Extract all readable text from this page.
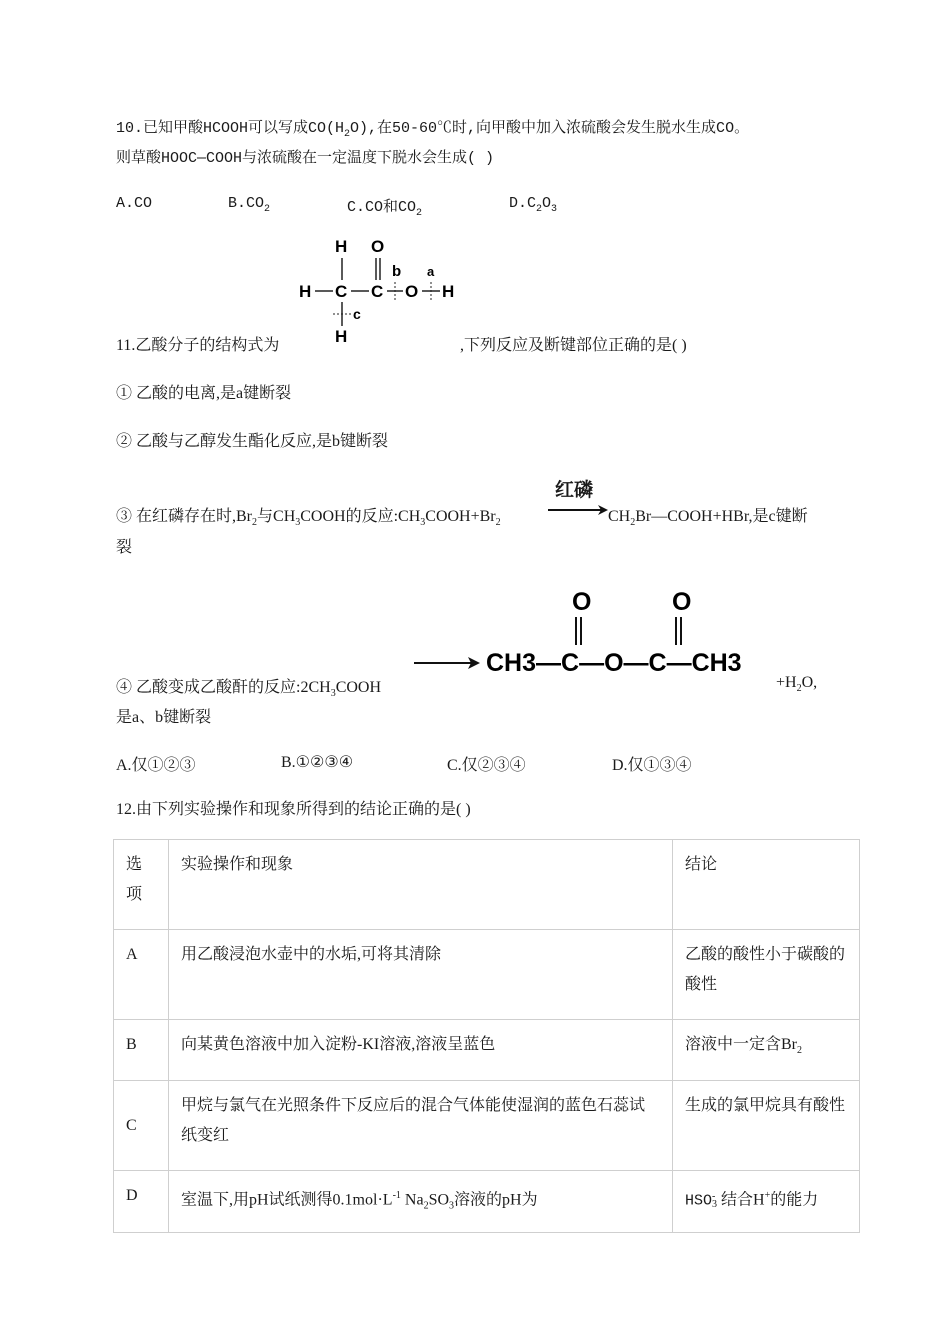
10.已知甲酸HCOOH可以写成$CO(H_2O)$,在50-60℃时,向甲酸中加入浓硫酸会发生脱水生成CO。
则草酸HOOC—COOH与浓硫酸在一定温度下脱水会生成( )
A.CO	$B.CO_2$	C.CO和$CO_2$
$D.C_2O_3$
H O
b a
H C C O H
c
H
11.乙酸分子的结构式为	,下列反应及断键部位正确的是( )
① 乙酸的电离,是a键断裂
② 乙酸与乙醇发生酯化反应,是b键断裂
③ 在红磷存在时$,Br_2$与$CH_3COOH$的反应$:CH_3COOH+Br_2$
红磷
$CH_2Br—COOH+HBr$,是c键断
裂
④ 乙酸变成乙酸酐的反应$:2CH_3COOH$
O	O
CH3—C—O—C—CH3
$+H_2O$,
是a、b键断裂
A.仅①②③	B.①②③④	C.仅②③④	D.仅①③④
12.由下列实验操作和现象所得到的结论正确的是( )
选项	实验操作和现象	结论
A	用乙酸浸泡水壶中的水垢,可将其清除	乙酸的酸性小于碳酸的酸性
B	向某黄色溶液中加入淀粉-KI溶液,溶液呈蓝色	溶液中一定含$Br_2$
C	甲烷与氯气在光照条件下反应后的混合气体能使湿润的蓝色石蕊试纸变红	生成的氯甲烷具有酸性
D	室温下,用pH试纸测得$0.1mol\cdot L^{-1}$ $Na_2SO_3$溶液的pH为	HSO-
3 结合H+的能力
